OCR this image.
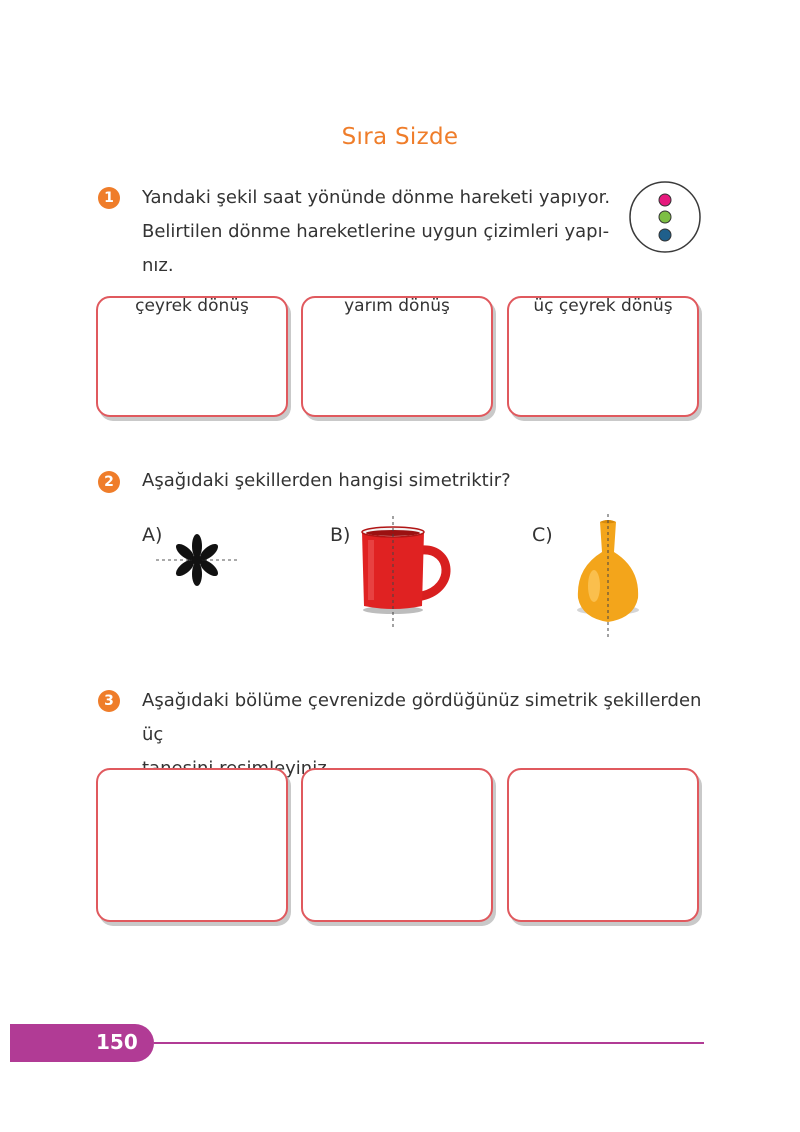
Sıra Sizde
1	Yandaki şekil saat yönünde dönme hareketi yapıyor.
Belirtilen dönme hareketlerine uygun çizimleri yapı-
nız.
çeyrek dönüş	yarım dönüş	üç çeyrek dönüş
2	Aşağıdaki şekillerden hangisi simetriktir?
A)	B)	C)
3	Aşağıdaki bölüme çevrenizde gördüğünüz simetrik şekillerden üç
150
